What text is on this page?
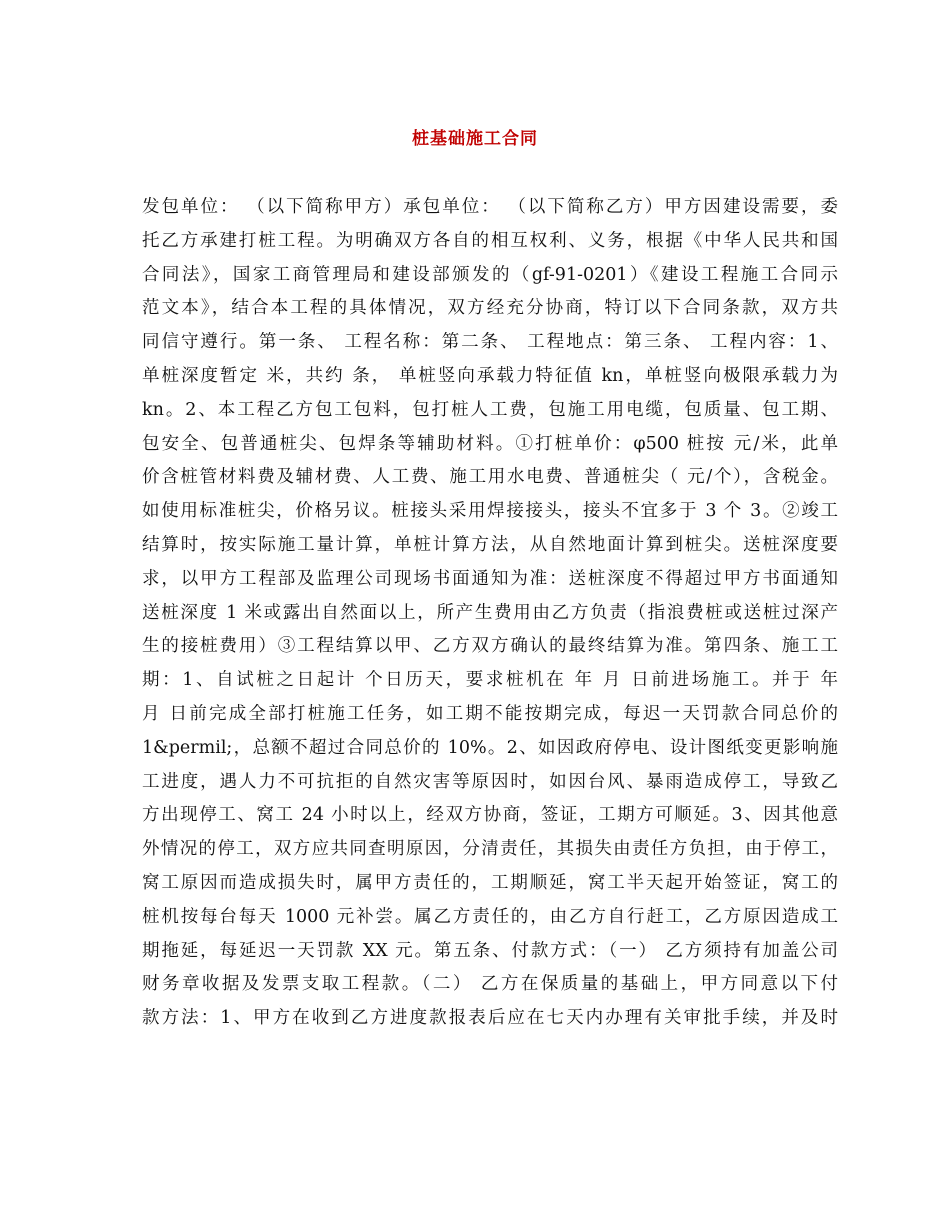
桩基础施工合同
发包单位： （以下简称甲方）承包单位： （以下简称乙方）甲方因建设需要，委
托乙方承建打桩工程。为明确双方各自的相互权利、义务，根据《中华人民共和国
合同法》，国家工商管理局和建设部颁发的（gf-91-0201）《建设工程施工合同示
范文本》，结合本工程的具体情况，双方经充分协商，特订以下合同条款，双方共
同信守遵行。第一条、 工程名称：第二条、 工程地点：第三条、 工程内容：1、
单桩深度暂定 米，共约 条， 单桩竖向承载力特征值 kn，单桩竖向极限承载力为
kn。2、本工程乙方包工包料，包打桩人工费，包施工用电缆，包质量、包工期、
包安全、包普通桩尖、包焊条等辅助材料。①打桩单价：φ500 桩按 元/米，此单
价含桩管材料费及辅材费、人工费、施工用水电费、普通桩尖（ 元/个），含税金。
如使用标准桩尖，价格另议。桩接头采用焊接接头，接头不宜多于 3 个 3。②竣工
结算时，按实际施工量计算，单桩计算方法，从自然地面计算到桩尖。送桩深度要
求，以甲方工程部及监理公司现场书面通知为准：送桩深度不得超过甲方书面通知
送桩深度 1 米或露出自然面以上，所产生费用由乙方负责（指浪费桩或送桩过深产
生的接桩费用）③工程结算以甲、乙方双方确认的最终结算为准。第四条、施工工
期：1、自试桩之日起计 个日历天，要求桩机在 年 月 日前进场施工。并于 年
月 日前完成全部打桩施工任务，如工期不能按期完成，每迟一天罚款合同总价的
1&permil;，总额不超过合同总价的 10%。2、如因政府停电、设计图纸变更影响施
工进度，遇人力不可抗拒的自然灾害等原因时，如因台风、暴雨造成停工，导致乙
方出现停工、窝工 24 小时以上，经双方协商，签证，工期方可顺延。3、因其他意
外情况的停工，双方应共同查明原因，分清责任，其损失由责任方负担，由于停工，
窝工原因而造成损失时，属甲方责任的，工期顺延，窝工半天起开始签证，窝工的
桩机按每台每天 1000 元补尝。属乙方责任的，由乙方自行赶工，乙方原因造成工
期拖延，每延迟一天罚款 XX 元。第五条、付款方式：（一） 乙方须持有加盖公司
财务章收据及发票支取工程款。（二） 乙方在保质量的基础上，甲方同意以下付
款方法：1、甲方在收到乙方进度款报表后应在七天内办理有关审批手续，并及时
